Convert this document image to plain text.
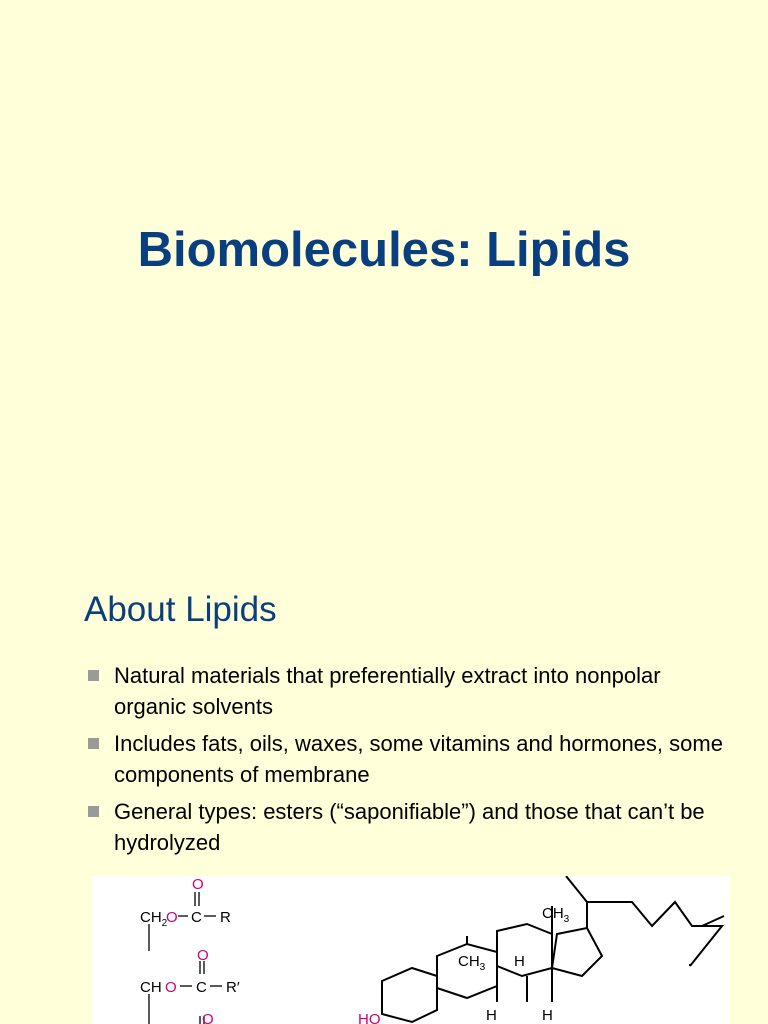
Biomolecules: Lipids
About Lipids
Natural materials that preferentially extract into nonpolar organic solvents
Includes fats, oils, waxes, some vitamins and hormones, some components of membrane
General types: esters (“saponifiable”) and those that can’t be hydrolyzed
O
$CH_2$
O C R
O
CH O C R′
O
$CH_3$
$CH_3$ H
H	H
HO
